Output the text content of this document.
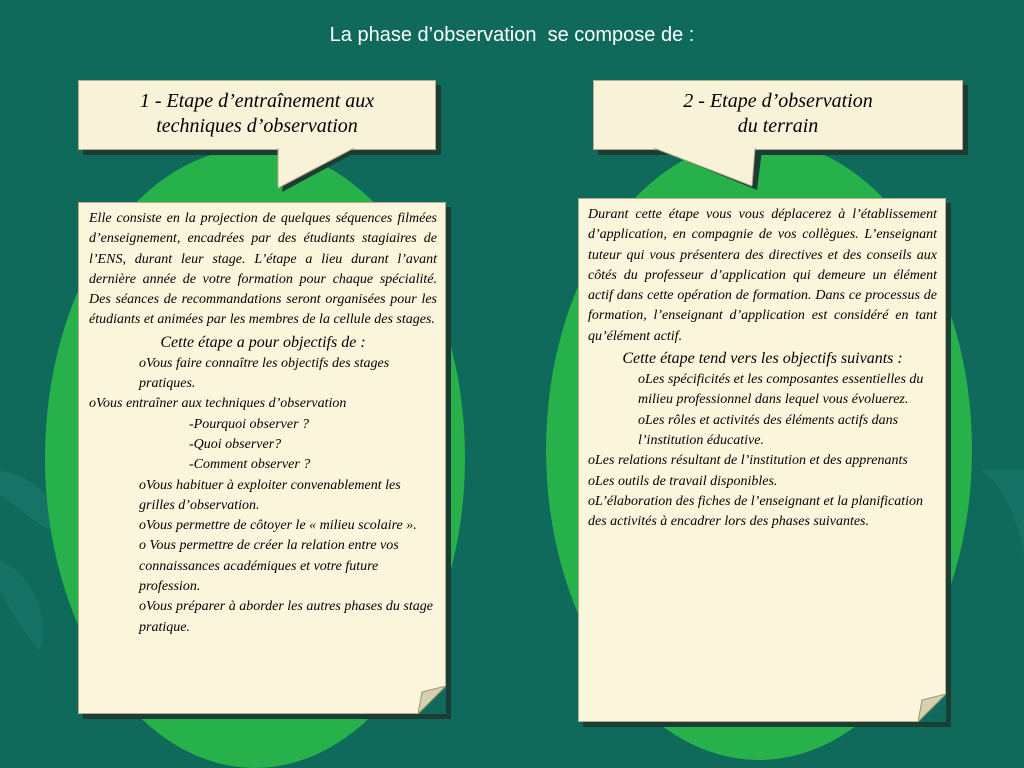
La phase d’observation  se compose de :
1 - Etape d’entraînement aux
techniques d’observation
2 - Etape d’observation
du terrain

Elle consiste en la projection de quelques séquences filmées d’enseignement, encadrées par des étudiants stagiaires de l’ENS, durant leur stage. L’étape a lieu durant l’avant dernière année de votre formation pour chaque spécialité. Des séances de recommandations seront organisées pour les étudiants et animées par les membres de la cellule des stages.

Cette étape a pour objectifs de :

oVous faire connaître les objectifs des stages pratiques.

oVous entraîner aux techniques d’observation

-Pourquoi observer ?

-Quoi observer?

-Comment observer ?

oVous habituer à exploiter convenablement les grilles d’observation.

oVous permettre de côtoyer le « milieu scolaire ».

o Vous permettre de créer la relation entre vos connaissances académiques et votre future profession.

oVous préparer à aborder les autres phases du stage pratique.

Durant cette étape vous vous déplacerez à l’établissement d’application, en compagnie de vos collègues. L’enseignant tuteur qui vous présentera des directives et des conseils aux côtés du professeur d’application qui demeure un élément actif dans cette opération de formation. Dans ce processus de formation, l’enseignant d’application est considéré en tant qu’élément actif.

Cette étape tend vers les objectifs suivants :

oLes spécificités et les composantes essentielles du milieu professionnel dans lequel vous évoluerez.

oLes rôles et activités des éléments actifs dans l’institution éducative.

oLes relations résultant de l’institution et des apprenants

oLes outils de travail disponibles.

oL’élaboration des fiches de l’enseignant et la planification des activités à encadrer lors des phases suivantes.
